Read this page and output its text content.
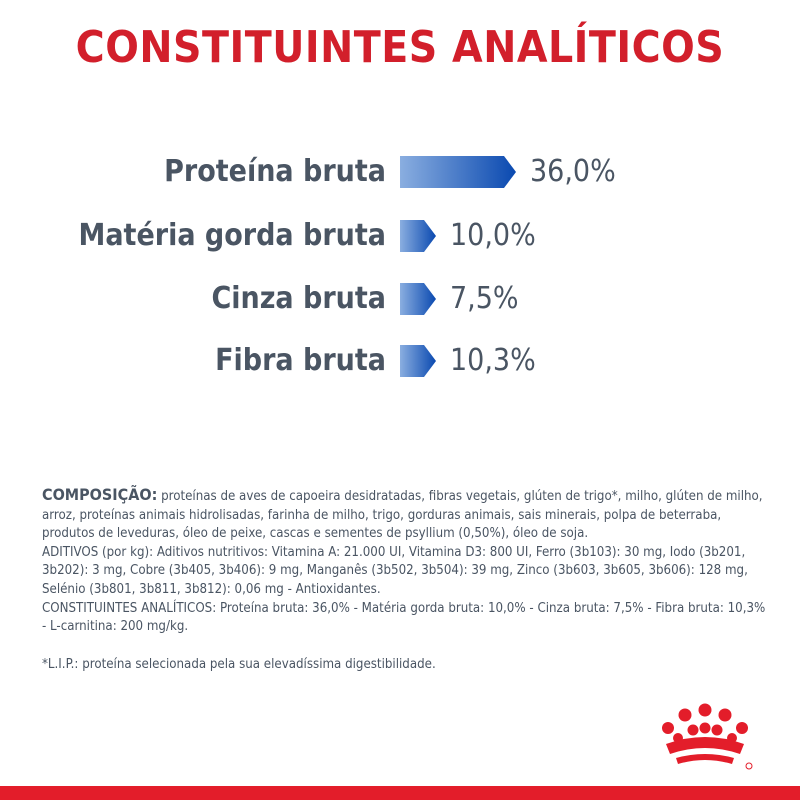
CONSTITUINTES ANALÍTICOS
Proteína bruta	36,0%
Matéria gorda bruta 10,0%
Cinza bruta 7,5%
Fibra bruta 10,3%

COMPOSIÇÃO: proteínas de aves de capoeira desidratadas, fibras vegetais, glúten de trigo*, milho, glúten de milho, arroz, proteínas animais hidrolisadas, farinha de milho, trigo, gorduras animais, sais minerais, polpa de beterraba, produtos de leveduras, óleo de peixe, cascas e sementes de psyllium (0,50%), óleo de soja.

ADITIVOS (por kg): Aditivos nutritivos: Vitamina A: 21.000 UI, Vitamina D3: 800 UI, Ferro (3b103): 30 mg, Iodo (3b201, 3b202): 3 mg, Cobre (3b405, 3b406): 9 mg, Manganês (3b502, 3b504): 39 mg, Zinco (3b603, 3b605, 3b606): 128 mg, Selénio (3b801, 3b811, 3b812): 0,06 mg - Antioxidantes.

CONSTITUINTES ANALÍTICOS: Proteína bruta: 36,0% - Matéria gorda bruta: 10,0% - Cinza bruta: 7,5% - Fibra bruta: 10,3% - L-carnitina: 200 mg/kg.

*L.I.P.: proteína selecionada pela sua elevadíssima digestibilidade.
